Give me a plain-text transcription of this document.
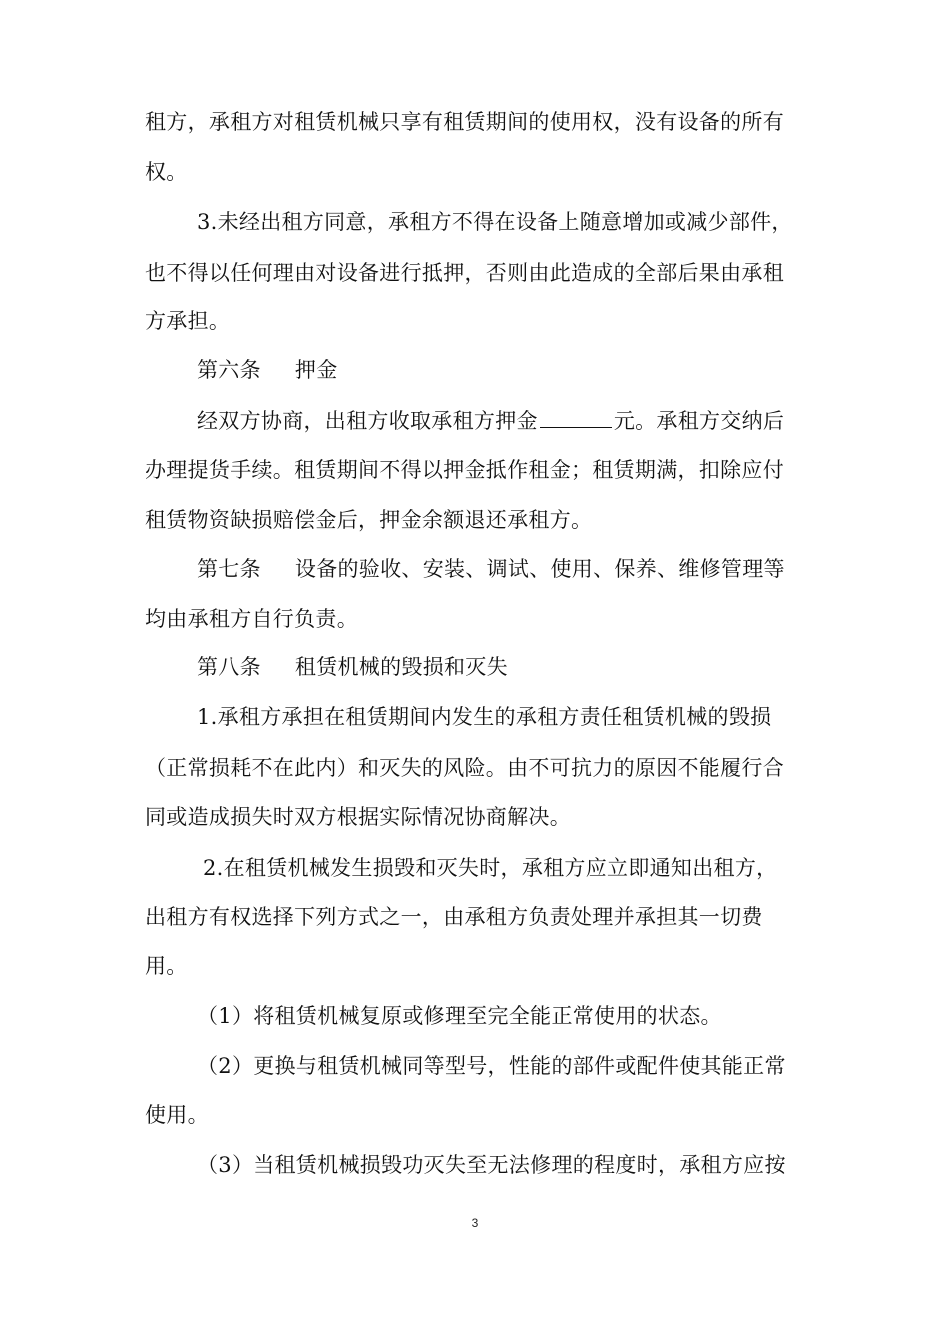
租方，承租方对租赁机械只享有租赁期间的使用权，没有设备的所有
权。
3.未经出租方同意，承租方不得在设备上随意增加或减少部件，
也不得以任何理由对设备进行抵押，否则由此造成的全部后果由承租
方承担。
第六条 押金
经双方协商，出租方收取承租方押金	元。承租方交纳后
办理提货手续。租赁期间不得以押金抵作租金；租赁期满，扣除应付
租赁物资缺损赔偿金后，押金余额退还承租方。
第七条 设备的验收、安装、调试、使用、保养、维修管理等
均由承租方自行负责。
第八条 租赁机械的毁损和灭失
1.承租方承担在租赁期间内发生的承租方责任租赁机械的毁损
（正常损耗不在此内）和灭失的风险。由不可抗力的原因不能履行合
同或造成损失时双方根据实际情况协商解决。
2.在租赁机械发生损毁和灭失时，承租方应立即通知出租方，
出租方有权选择下列方式之一，由承租方负责处理并承担其一切费
用。
（1）将租赁机械复原或修理至完全能正常使用的状态。
（2）更换与租赁机械同等型号，性能的部件或配件使其能正常
使用。
（3）当租赁机械损毁功灭失至无法修理的程度时，承租方应按
3
